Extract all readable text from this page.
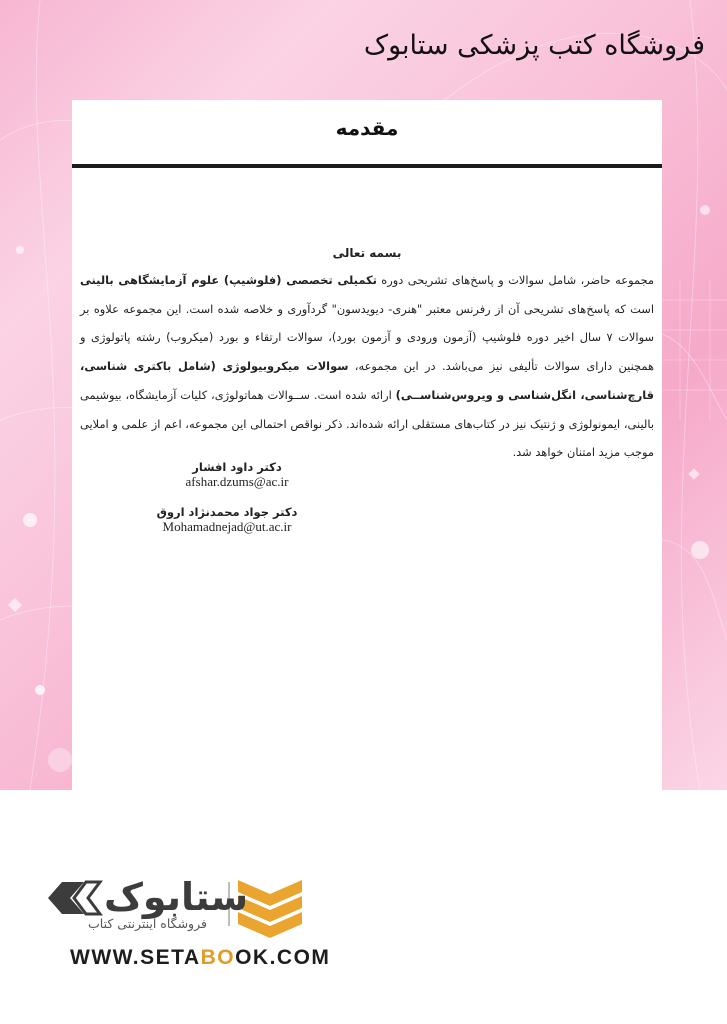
فروشگاه کتب پزشکی ستابوک
مقدمه
بسمه تعالی
مجموعه حاضر، شامل سوالات و پاسخ‌های تشریحی دوره تکمیلی تخصصی (فلوشیپ) علوم آزمایشگاهی بالینی است که پاسخ‌های تشریحی آن از رفرنس معتبر "هنری- دیویدسون" گردآوری و خلاصه شده است. این مجموعه علاوه بر سوالات ۷ سال اخیر دوره فلوشیپ (آزمون ورودی و آزمون بورد)، سوالات ارتقاء و بورد (میکروب) رشته پاتولوژی و همچنین دارای سوالات تألیفی نیز می‌باشد. در این مجموعه، سوالات میکروبیولوژی (شامل باکتری شناسی، قارچ‌شناسی، انگل‌شناسی و ویروس‌شناســی) ارائه شده است. ســوالات هماتولوژی، کلیات آزمایشگاه، بیوشیمی بالینی، ایمونولوژی و ژنتیک نیز در کتاب‌های مستقلی ارائه شده‌اند. ذکر نواقص احتمالی این مجموعه، اعم از علمی و املایی موجب مزید امتنان خواهد شد.
دکتر داود افشار
afshar.dzums@ac.ir
دکتر جواد محمدنژاد اروق
Mohamadnejad@ut.ac.ir
ستابوک
فروشگاه اینترنتی کتاب
WWW.SETABOOK.COM
